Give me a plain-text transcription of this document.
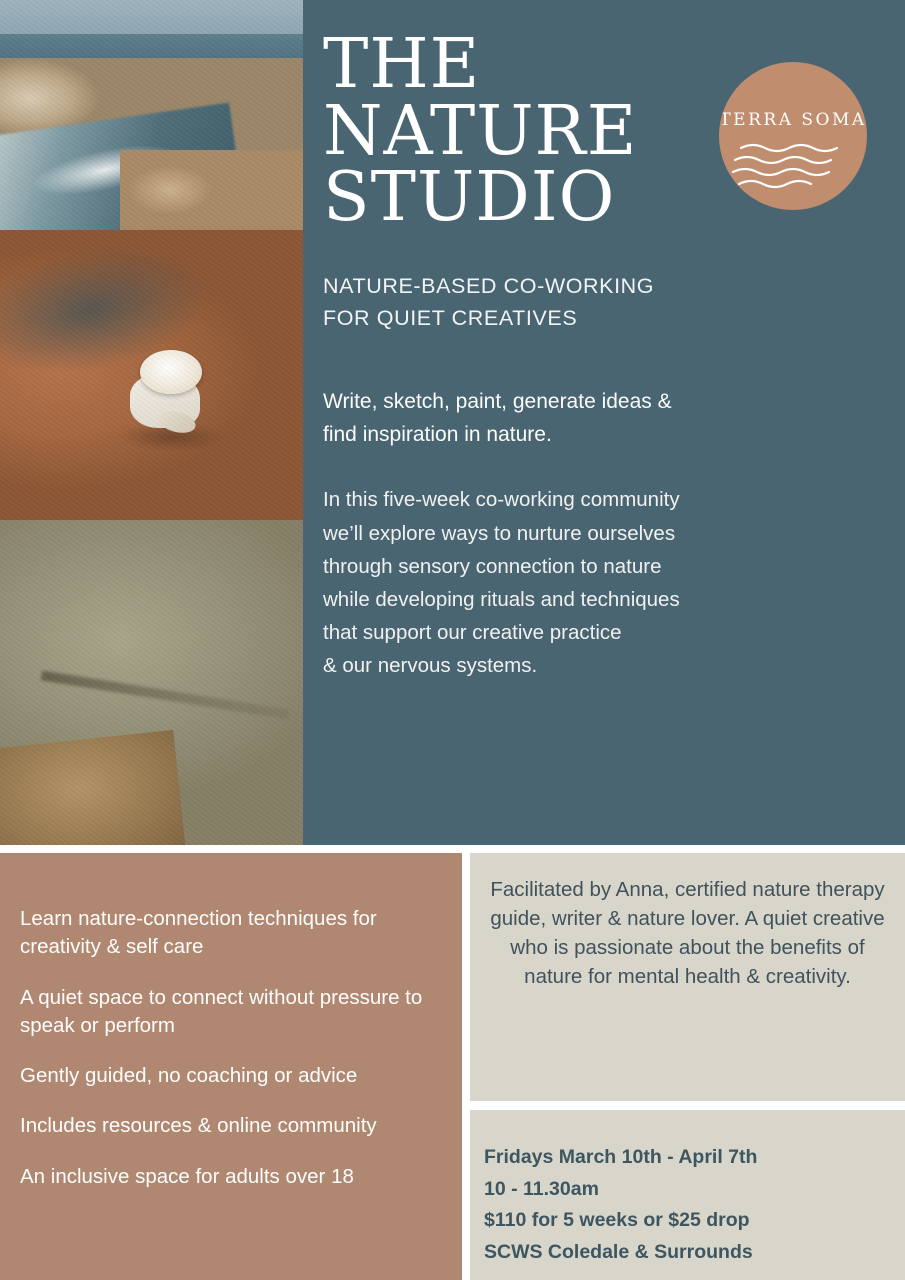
TERRA SOMA
THE
NATURE
STUDIO
NATURE-BASED CO-WORKING
FOR QUIET CREATIVES
Write, sketch, paint, generate ideas &
find inspiration in nature.
In this five-week co-working community
we’ll explore ways to nurture ourselves
through sensory connection to nature
while developing rituals and techniques
that support our creative practice
& our nervous systems.
Learn nature-connection techniques for creativity & self care
A quiet space to connect without pressure to speak or perform
Gently guided, no coaching or advice
Includes resources & online community
An inclusive space for adults over 18
Facilitated by Anna, certified nature therapy guide, writer & nature lover. A quiet creative who is passionate about the benefits of nature for mental health & creativity.
Fridays March 10th - April 7th
10 - 11.30am
$110 for 5 weeks or $25 drop
SCWS Coledale & Surrounds
